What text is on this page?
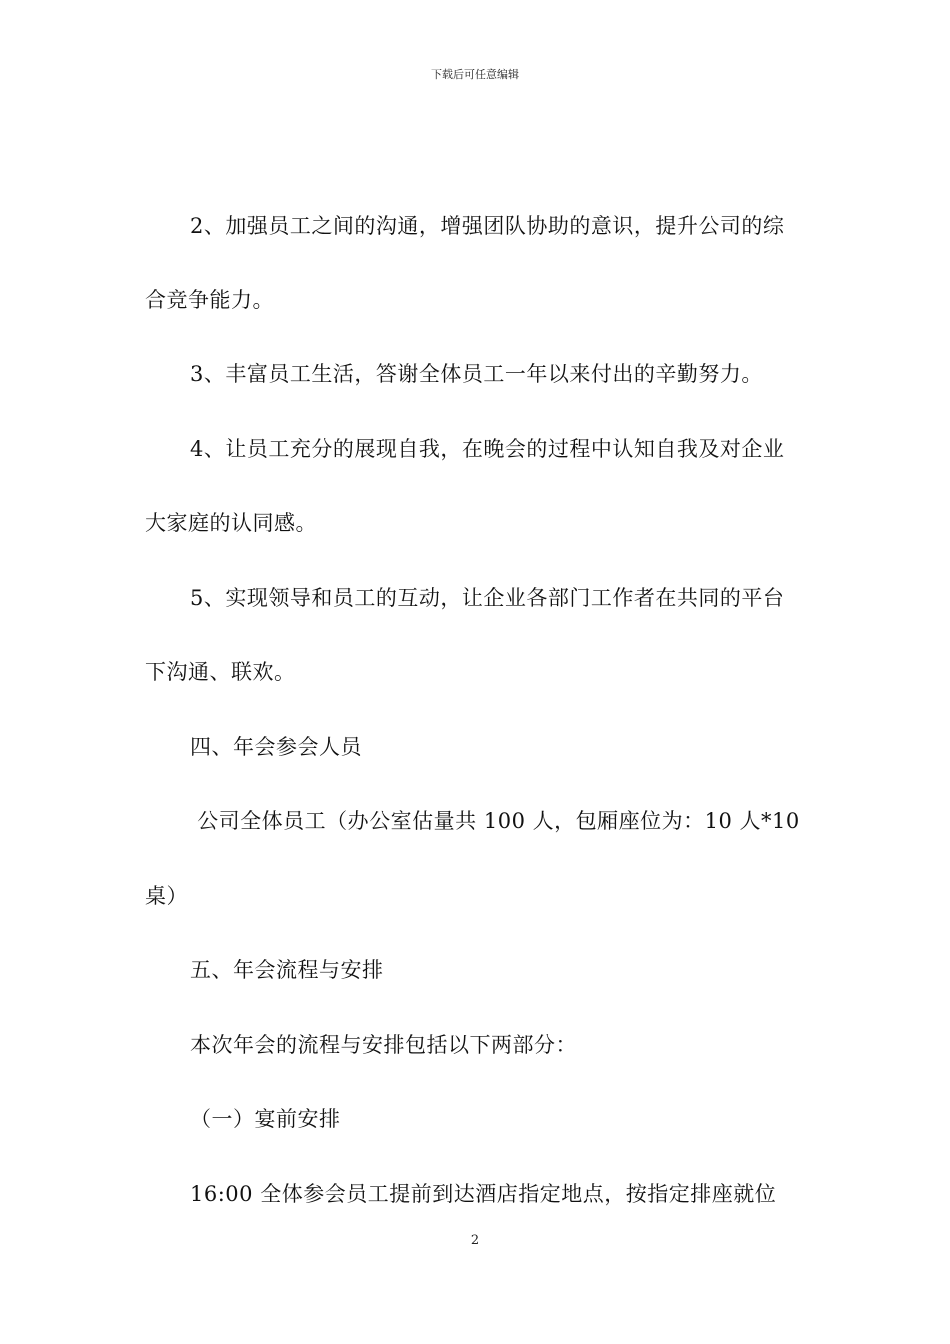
下载后可任意编辑
2、加强员工之间的沟通，增强团队协助的意识，提升公司的综
合竞争能力。
3、丰富员工生活，答谢全体员工一年以来付出的辛勤努力。
4、让员工充分的展现自我，在晚会的过程中认知自我及对企业
大家庭的认同感。
5、实现领导和员工的互动，让企业各部门工作者在共同的平台
下沟通、联欢。
四、年会参会人员
公司全体员工（办公室估量共 100 人，包厢座位为：10 人*10
桌）
五、年会流程与安排
本次年会的流程与安排包括以下两部分：
（一）宴前安排
16:00 全体参会员工提前到达酒店指定地点，按指定排座就位
2
